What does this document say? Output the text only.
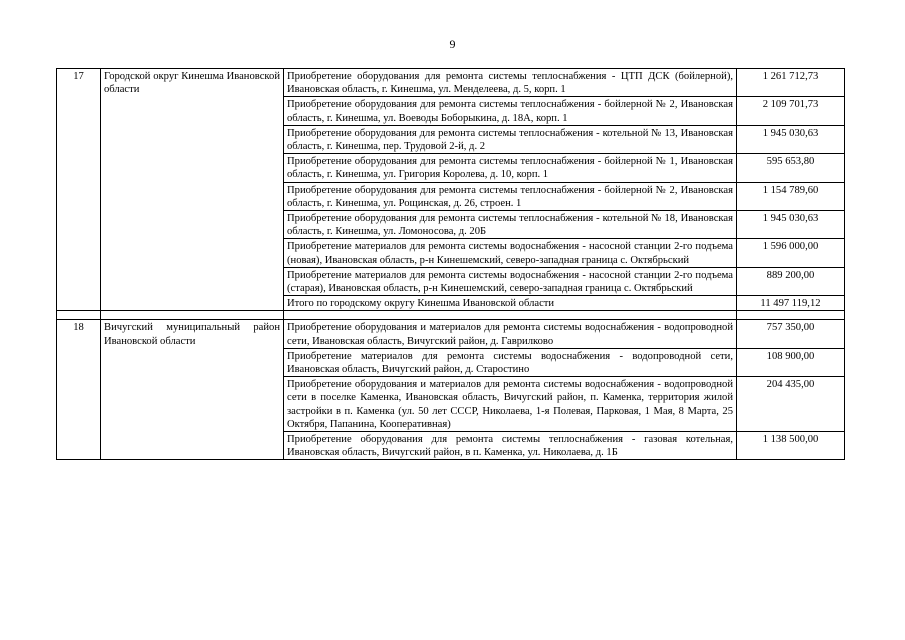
9
17	Городской округ Кинешма Ивановской области	Приобретение оборудования для ремонта системы теплоснабжения - ЦТП ДСК (бойлерной), Ивановская область, г. Кинешма, ул. Менделеева, д. 5, корп. 1	1 261 712,73
		Приобретение оборудования для ремонта системы теплоснабжения - бойлерной № 2, Ивановская область, г. Кинешма, ул. Воеводы Боборыкина, д. 18А, корп. 1	2 109 701,73
		Приобретение оборудования для ремонта системы теплоснабжения - котельной № 13, Ивановская область, г. Кинешма, пер. Трудовой 2-й, д. 2	1 945 030,63
		Приобретение оборудования для ремонта системы теплоснабжения - бойлерной № 1, Ивановская область, г. Кинешма, ул. Григория Королева, д. 10, корп. 1	595 653,80
		Приобретение оборудования для ремонта системы теплоснабжения - бойлерной № 2, Ивановская область, г. Кинешма, ул. Рощинская, д. 26, строен. 1	1 154 789,60
		Приобретение оборудования для ремонта системы теплоснабжения - котельной № 18, Ивановская область, г. Кинешма, ул. Ломоносова, д. 20Б	1 945 030,63
		Приобретение материалов для ремонта системы водоснабжения - насосной станции 2-го подъема (новая), Ивановская область, р-н Кинешемский, северо-западная граница с. Октябрьский	1 596 000,00
		Приобретение материалов для ремонта системы водоснабжения - насосной станции 2-го подъема (старая), Ивановская область, р-н Кинешемский, северо-западная граница с. Октябрьский	889 200,00
		Итого по городскому округу Кинешма Ивановской области	11 497 119,12

18	Вичугский муниципальный район Ивановской области	Приобретение оборудования и материалов для ремонта системы водоснабжения - водопроводной сети, Ивановская область, Вичугский район, д. Гаврилково	757 350,00
		Приобретение материалов для ремонта системы водоснабжения - водопроводной сети, Ивановская область, Вичугский район, д. Старостино	108 900,00
		Приобретение оборудования и материалов для ремонта системы водоснабжения - водопроводной сети в поселке Каменка, Ивановская область, Вичугский район, п. Каменка, территория жилой застройки в п. Каменка (ул. 50 лет СССР, Николаева, 1-я Полевая, Парковая, 1 Мая, 8 Марта, 25 Октября, Папанина, Кооперативная)	204 435,00
		Приобретение оборудования для ремонта системы теплоснабжения - газовая котельная, Ивановская область, Вичугский район, в п. Каменка, ул. Николаева, д. 1Б	1 138 500,00
